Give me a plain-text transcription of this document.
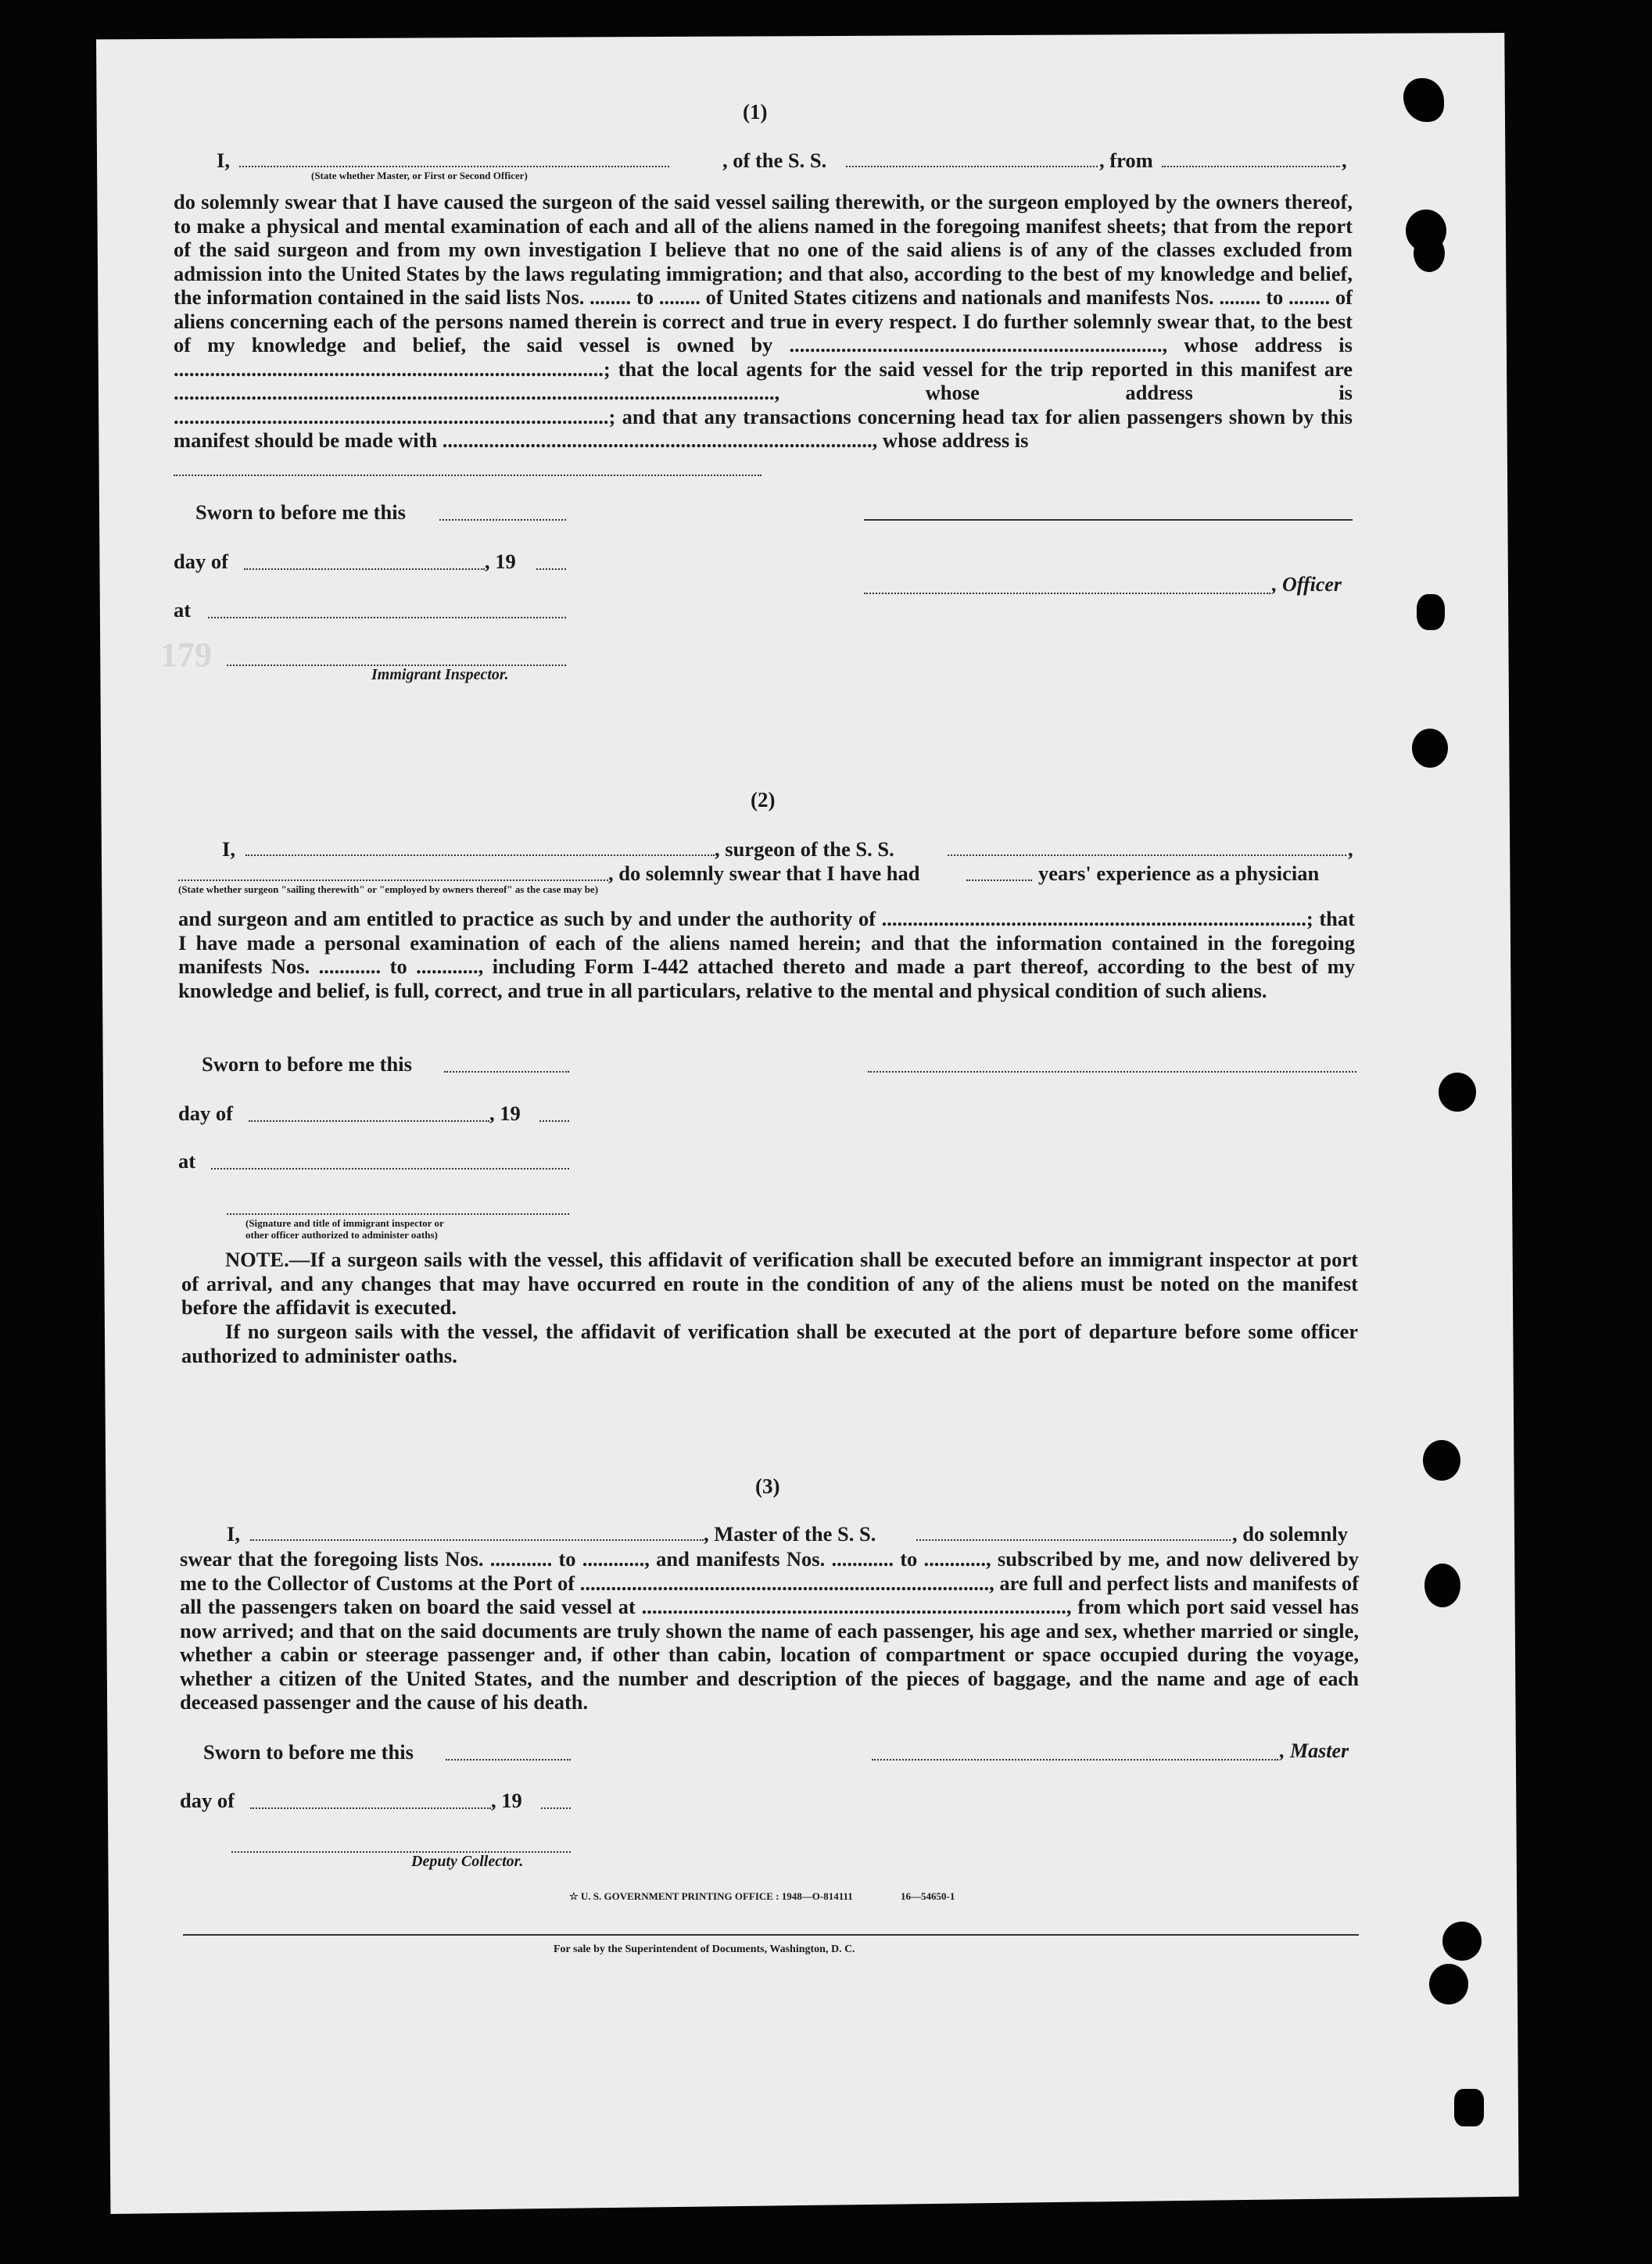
179
(1)
I,	, of the S. S.	, from	,
(State whether Master, or First or Second Officer)

do solemnly swear that I have caused the surgeon of the said vessel sailing therewith, or the surgeon employed by the owners thereof, to make a physical and mental examination of each and all of the aliens named in the foregoing manifest sheets; that from the report of the said surgeon and from my own investigation I believe that no one of the said aliens is of any of the classes excluded from admission into the United States by the laws regulating immigration; and that also, according to the best of my knowledge and belief, the information contained in the said lists Nos. ........ to ........ of United States citizens and nationals and manifests Nos. ........ to ........ of aliens concerning each of the persons named therein is correct and true in every respect. I do further solemnly swear that, to the best of my knowledge and belief, the said vessel is owned by ........................................................................, whose address is ...................................................................................; that the local agents for the said vessel for the trip reported in this manifest are ...................................................................................................................., whose address is ....................................................................................; and that any transactions concerning head tax for alien passengers shown by this manifest should be made with ..................................................................................., whose address is

Sworn to before me this
day of	, 19
, Officer
at
Immigrant Inspector.
(2)
I,	, surgeon of the S. S.	,
, do solemnly swear that I have had	years' experience as a physician
(State whether surgeon "sailing therewith" or "employed by owners thereof" as the case may be)

and surgeon and am entitled to practice as such by and under the authority of ..................................................................................; that I have made a personal examination of each of the aliens named herein; and that the information contained in the foregoing manifests Nos. ............ to ............, including Form I-442 attached thereto and made a part thereof, according to the best of my knowledge and belief, is full, correct, and true in all particulars, relative to the mental and physical condition of such aliens.

Sworn to before me this
day of	, 19
at
(Signature and title of immigrant inspector or
other officer authorized to administer oaths)

NOTE.—If a surgeon sails with the vessel, this affidavit of verification shall be executed before an immigrant inspector at port of arrival, and any changes that may have occurred en route in the condition of any of the aliens must be noted on the manifest before the affidavit is executed.

If no surgeon sails with the vessel, the affidavit of verification shall be executed at the port of departure before some officer authorized to administer oaths.

(3)
I,	, Master of the S. S.	, do solemnly

swear that the foregoing lists Nos. ............ to ............, and manifests Nos. ............ to ............, subscribed by me, and now delivered by me to the Collector of Customs at the Port of ..............................................................................., are full and perfect lists and manifests of all the passengers taken on board the said vessel at .................................................................................., from which port said vessel has now arrived; and that on the said documents are truly shown the name of each passenger, his age and sex, whether married or single, whether a cabin or steerage passenger and, if other than cabin, location of compartment or space occupied during the voyage, whether a citizen of the United States, and the number and description of the pieces of baggage, and the name and age of each deceased passenger and the cause of his death.

Sworn to before me this	, Master
day of	, 19
Deputy Collector.
☆ U. S. GOVERNMENT PRINTING OFFICE : 1948—O-814111	16—54650-1
For sale by the Superintendent of Documents, Washington, D. C.
